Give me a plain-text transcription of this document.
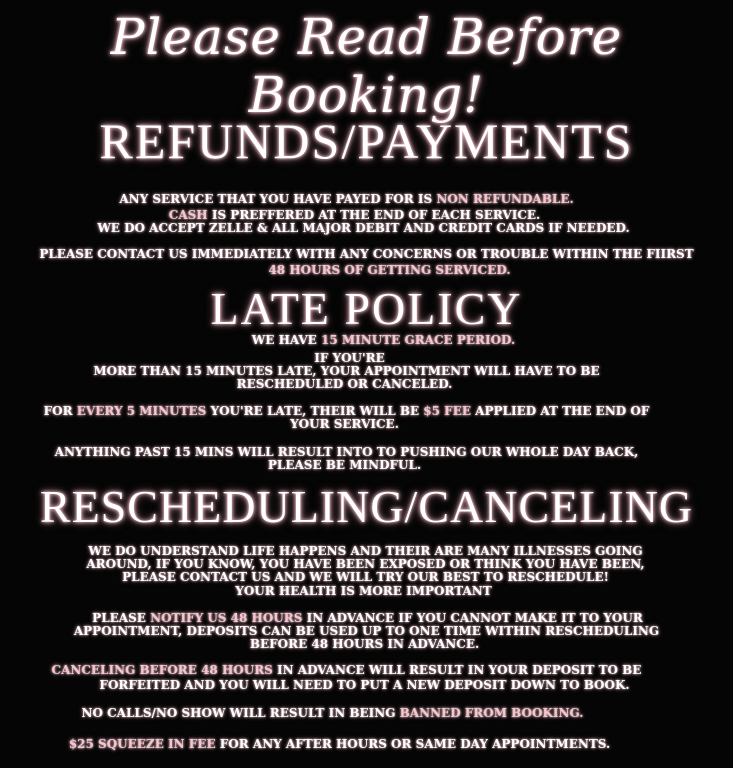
Please Read Before Booking!
REFUNDS/PAYMENTS
ANY SERVICE THAT YOU HAVE PAYED FOR IS NON REFUNDABLE.
CASH IS PREFFERED AT THE END OF EACH SERVICE.
WE DO ACCEPT ZELLE & ALL MAJOR DEBIT AND CREDIT CARDS IF NEEDED.
PLEASE CONTACT US IMMEDIATELY WITH ANY CONCERNS OR TROUBLE WITHIN THE FIIRST
48 HOURS OF GETTING SERVICED.
LATE POLICY
WE HAVE 15 MINUTE GRACE PERIOD.
IF YOU'RE
MORE THAN 15 MINUTES LATE, YOUR APPOINTMENT WILL HAVE TO BE
RESCHEDULED OR CANCELED.
FOR EVERY 5 MINUTES YOU'RE LATE, THEIR WILL BE $5 FEE APPLIED AT THE END OF
YOUR SERVICE.
ANYTHING PAST 15 MINS WILL RESULT INTO TO PUSHING OUR WHOLE DAY BACK,
PLEASE BE MINDFUL.
RESCHEDULING/CANCELING
WE DO UNDERSTAND LIFE HAPPENS AND THEIR ARE MANY ILLNESSES GOING
AROUND, IF YOU KNOW, YOU HAVE BEEN EXPOSED OR THINK YOU HAVE BEEN,
PLEASE CONTACT US AND WE WILL TRY OUR BEST TO RESCHEDULE!
YOUR HEALTH IS MORE IMPORTANT
PLEASE NOTIFY US 48 HOURS IN ADVANCE IF YOU CANNOT MAKE IT TO YOUR
APPOINTMENT, DEPOSITS CAN BE USED UP TO ONE TIME WITHIN RESCHEDULING
BEFORE 48 HOURS IN ADVANCE.
CANCELING BEFORE 48 HOURS IN ADVANCE WILL RESULT IN YOUR DEPOSIT TO BE
FORFEITED AND YOU WILL NEED TO PUT A NEW DEPOSIT DOWN TO BOOK.
NO CALLS/NO SHOW WILL RESULT IN BEING BANNED FROM BOOKING.
$25 SQUEEZE IN FEE FOR ANY AFTER HOURS OR SAME DAY APPOINTMENTS.
